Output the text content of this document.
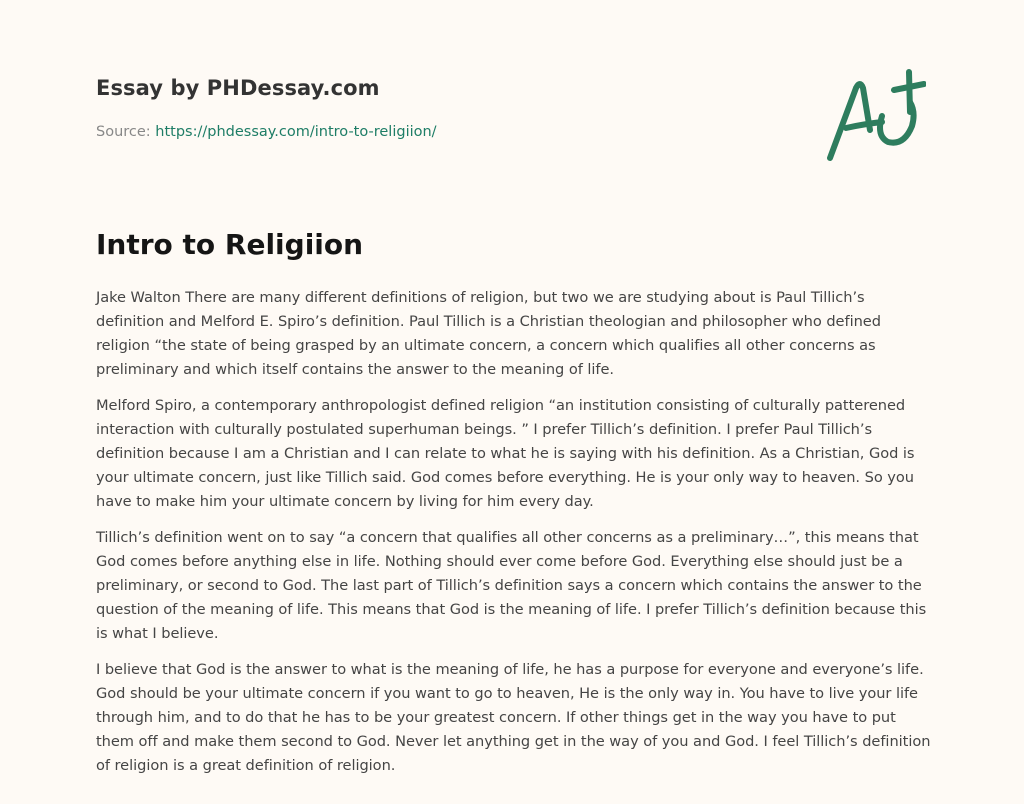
Essay by PHDessay.com
Source: https://phdessay.com/intro-to-religiion/
Intro to Religiion

Jake Walton There are many different definitions of religion, but two we are studying about is Paul Tillich’s definition and Melford E. Spiro’s definition. Paul Tillich is a Christian theologian and philosopher who defined religion “the state of being grasped by an ultimate concern, a concern which qualifies all other concerns as preliminary and which itself contains the answer to the meaning of life.

Melford Spiro, a contemporary anthropologist defined religion “an institution consisting of culturally patterened interaction with culturally postulated superhuman beings. ” I prefer Tillich’s definition. I prefer Paul Tillich’s definition because I am a Christian and I can relate to what he is saying with his definition. As a Christian, God is your ultimate concern, just like Tillich said. God comes before everything. He is your only way to heaven. So you have to make him your ultimate concern by living for him every day.

Tillich’s definition went on to say “a concern that qualifies all other concerns as a preliminary…”, this means that God comes before anything else in life. Nothing should ever come before God. Everything else should just be a preliminary, or second to God. The last part of Tillich’s definition says a concern which contains the answer to the question of the meaning of life. This means that God is the meaning of life. I prefer Tillich’s definition because this is what I believe.

I believe that God is the answer to what is the meaning of life, he has a purpose for everyone and everyone’s life. God should be your ultimate concern if you want to go to heaven, He is the only way in. You have to live your life through him, and to do that he has to be your greatest concern. If other things get in the way you have to put them off and make them second to God. Never let anything get in the way of you and God. I feel Tillich’s definition of religion is a great definition of religion.
